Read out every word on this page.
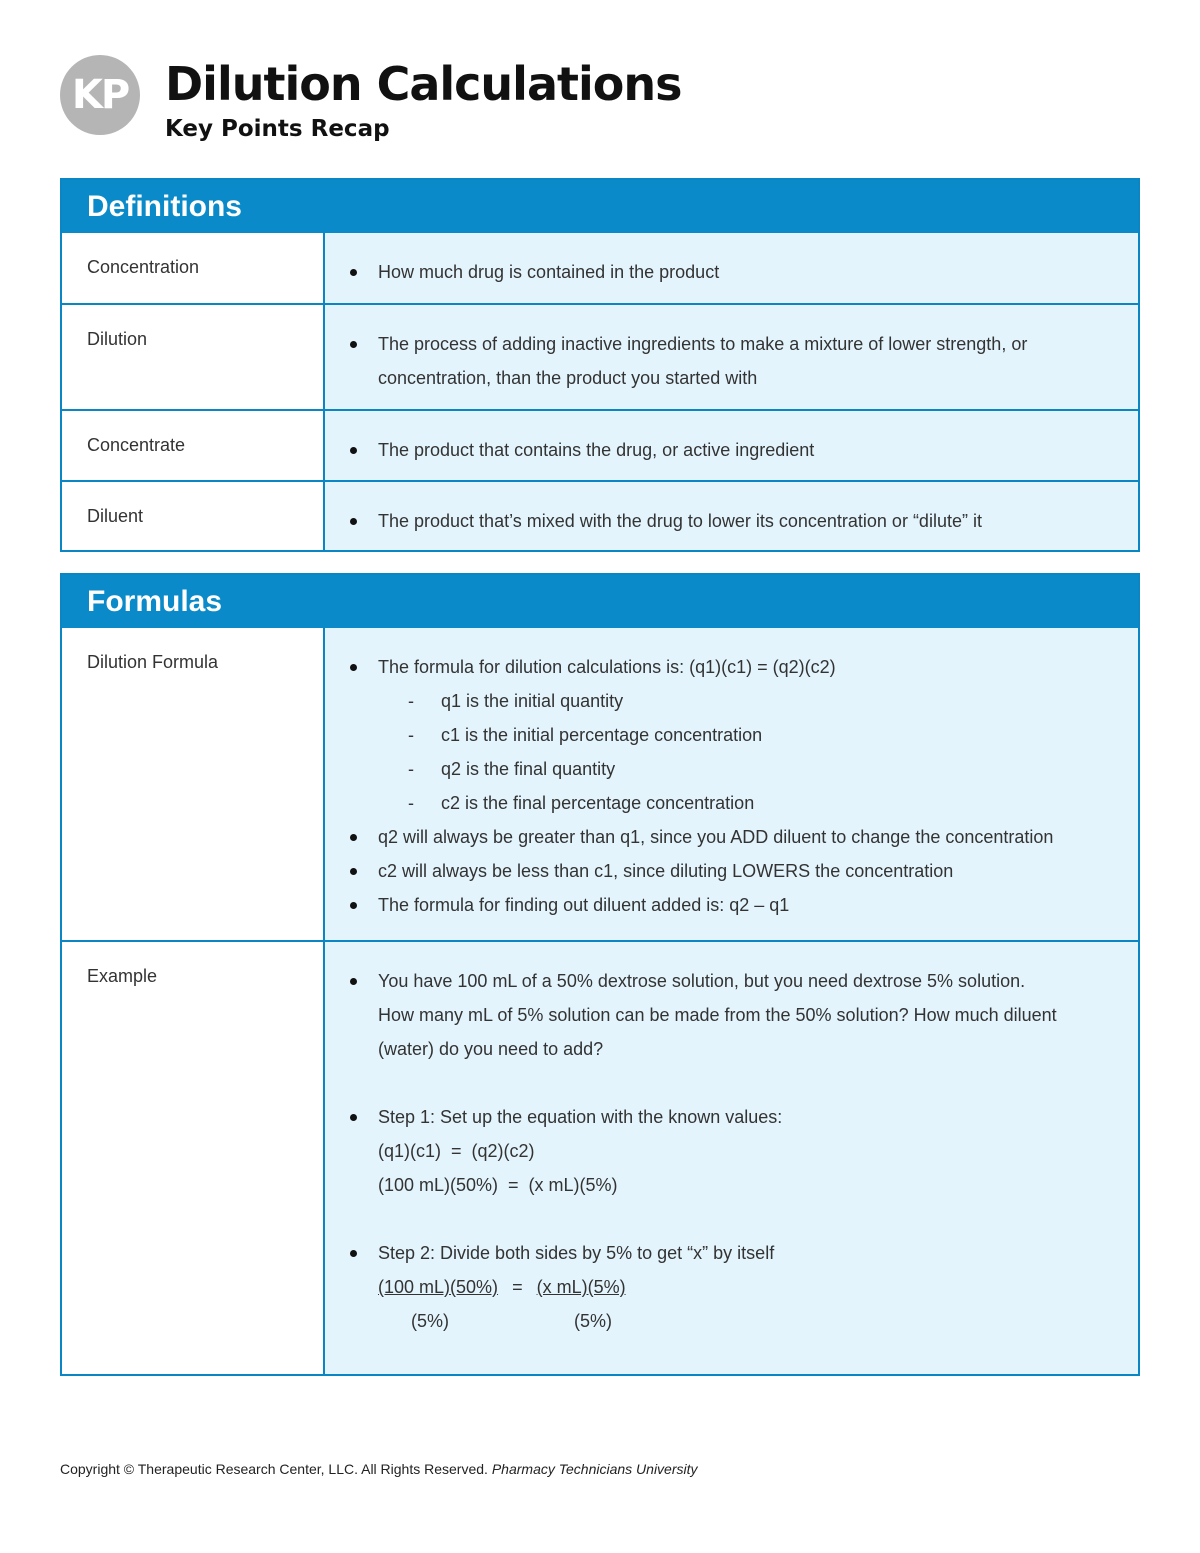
KP Dilution Calculations
Key Points Recap
Definitions
Concentration	How much drug is contained in the product
Dilution	The process of adding inactive ingredients to make a mixture of lower strength, or
concentration, than the product you started with
Concentrate	The product that contains the drug, or active ingredient
Diluent	The product that’s mixed with the drug to lower its concentration or “dilute” it
Formulas
Dilution Formula	The formula for dilution calculations is: (q1)(c1) = (q2)(c2)
- q1 is the initial quantity
- c1 is the initial percentage concentration
- q2 is the final quantity
- c2 is the final percentage concentration
q2 will always be greater than q1, since you ADD diluent to change the concentration
c2 will always be less than c1, since diluting LOWERS the concentration
The formula for finding out diluent added is: q2 – q1
Example	You have 100 mL of a 50% dextrose solution, but you need dextrose 5% solution.
How many mL of 5% solution can be made from the 50% solution? How much diluent
(water) do you need to add?
Step 1: Set up the equation with the known values:
(q1)(c1)  =  (q2)(c2)
(100 mL)(50%)  =  (x mL)(5%)
Step 2: Divide both sides by 5% to get “x” by itself
(100 mL)(50%) = (x mL)(5%)
(5%)	(5%)
Copyright © Therapeutic Research Center, LLC. All Rights Reserved. Pharmacy Technicians University
